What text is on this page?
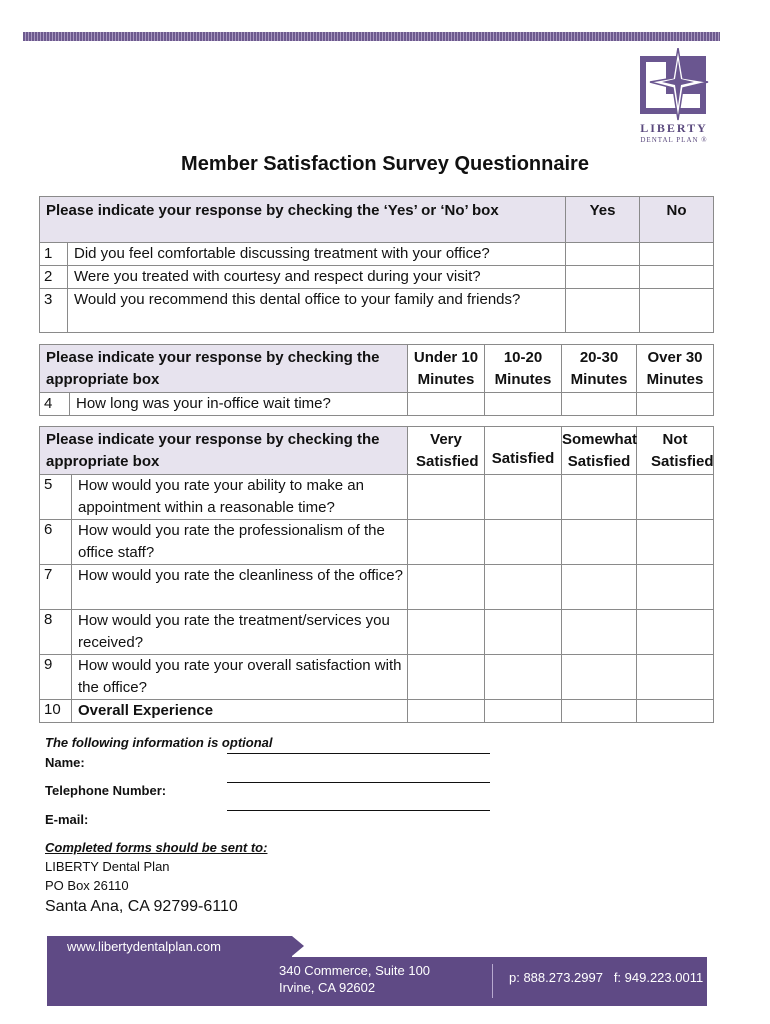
LIBERTY
DENTAL PLAN ®
Member Satisfaction Survey Questionnaire
Please indicate your response by checking the ‘Yes’ or ‘No’ box		Yes	No
1	Did you feel comfortable discussing treatment with your office?		
2	Were you treated with courtesy and respect during your visit?		
3	Would you recommend this dental office to your family and friends?		
Please indicate your response by checking the appropriate box		Under 10 Minutes	10-20 Minutes	20-30 Minutes	Over 30 Minutes
4	How long was your in-office wait time?				
Please indicate your response by checking the appropriate box		Very Satisfied	Satisfied	Somewhat Satisfied	Not Satisfied
5	How would you rate your ability to make an appointment within a reasonable time?				
6	How would you rate the professionalism of the office staff?				
7	How would you rate the cleanliness of the office?				
8	How would you rate the treatment/services you received?				
9	How would you rate your overall satisfaction with the office?				
10	Overall Experience				
The following information is optional
Name:
Telephone Number:
E-mail:
Completed forms should be sent to:
LIBERTY Dental Plan
PO Box 26110
Santa Ana, CA 92799-6110
www.libertydentalplan.com
340 Commerce, Suite 100
Irvine, CA 92602
p: 888.273.2997   f: 949.223.0011
